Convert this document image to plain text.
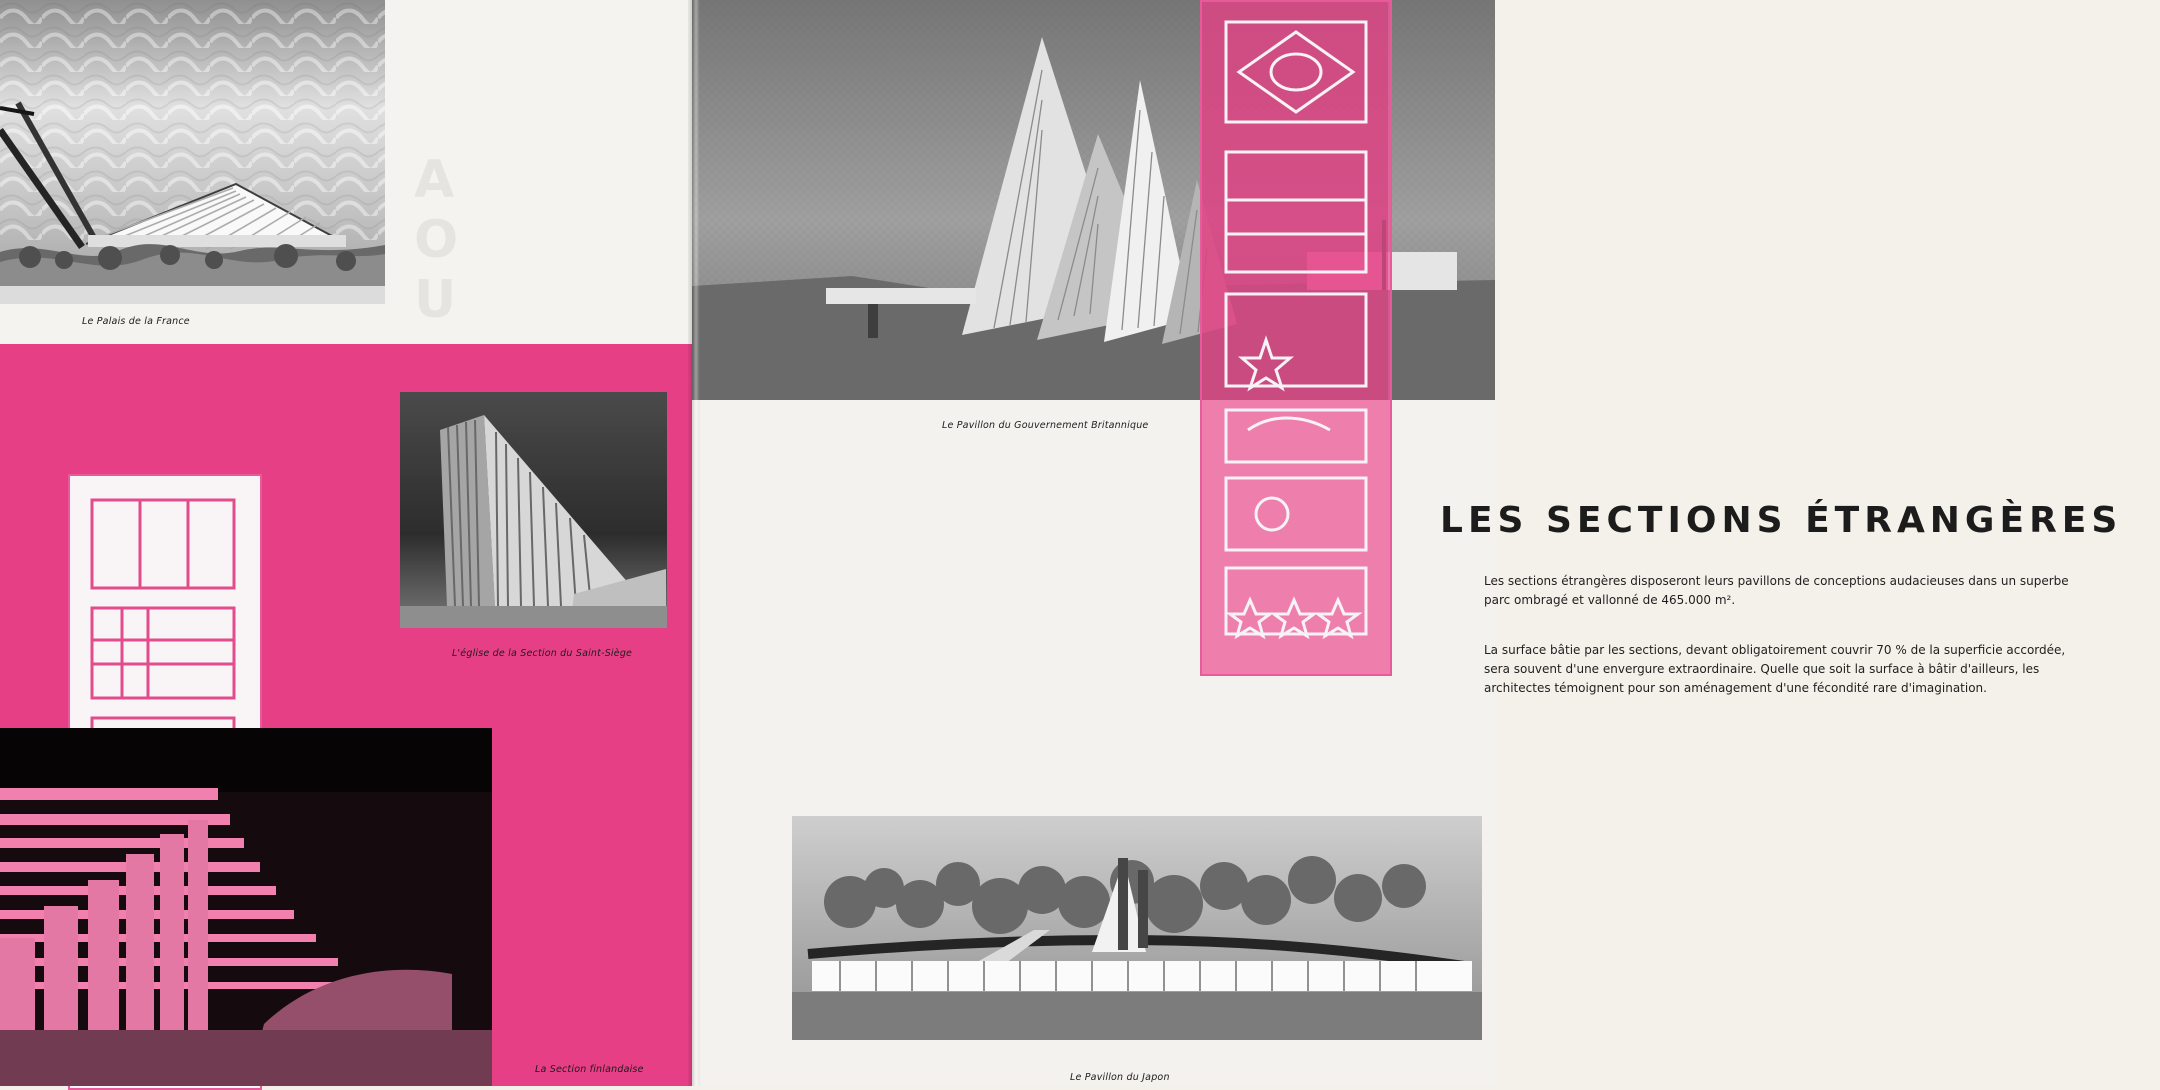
Le Palais de la France
A
O
U
L'église de la Section du Saint-Siège
La Section finlandaise
Le Pavillon du Gouvernement Britannique
LES SECTIONS ÉTRANGÈRES
Les sections étrangères disposeront leurs pavillons de conceptions audacieuses dans un superbe parc ombragé et vallonné de 465.000 m².
La surface bâtie par les sections, devant obligatoirement couvrir 70 % de la superficie accordée, sera souvent d'une envergure extraordinaire. Quelle que soit la surface à bâtir d'ailleurs, les architectes témoignent pour son aménagement d'une fécondité rare d'imagination.
Le Pavillon du Japon
